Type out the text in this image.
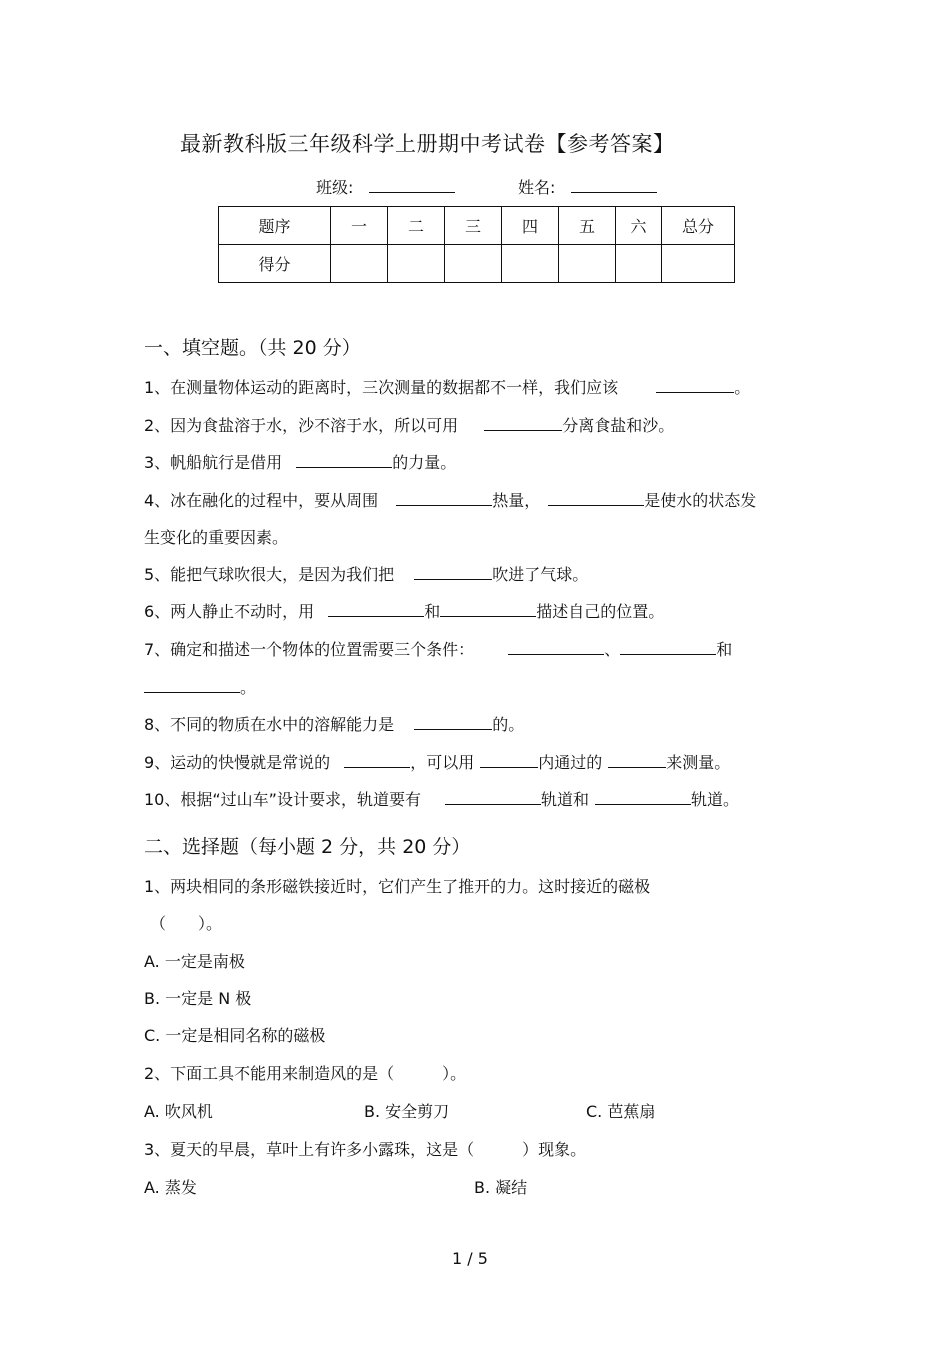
最新教科版三年级科学上册期中考试卷【参考答案】
班级:	姓名:
题序	一	二	三	四	五	六	总分
得分							
一、填空题。（共 20 分）
1、在测量物体运动的距离时，三次测量的数据都不一样，我们应该	。
2、因为食盐溶于水，沙不溶于水，所以可用	分离食盐和沙。
3、帆船航行是借用	的力量。
4、冰在融化的过程中，要从周围	热量，	是使水的状态发
生变化的重要因素。
5、能把气球吹很大，是因为我们把	吹进了气球。
6、两人静止不动时，用	和	描述自己的位置。
7、确定和描述一个物体的位置需要三个条件：	、	和
。
8、不同的物质在水中的溶解能力是	的。
9、运动的快慢就是常说的	，可以用	内通过的	来测量。
10、根据“过山车”设计要求，轨道要有	轨道和	轨道。
二、选择题（每小题 2 分，共 20 分）
1、两块相同的条形磁铁接近时，它们产生了推开的力。这时接近的磁极
（　　）。
A. 一定是南极
B. 一定是 N 极
C. 一定是相同名称的磁极
2、下面工具不能用来制造风的是（　　　）。
A. 吹风机	B. 安全剪刀	C. 芭蕉扇
3、夏天的早晨，草叶上有许多小露珠，这是（　　　）现象。
A. 蒸发	B. 凝结
1 / 5
